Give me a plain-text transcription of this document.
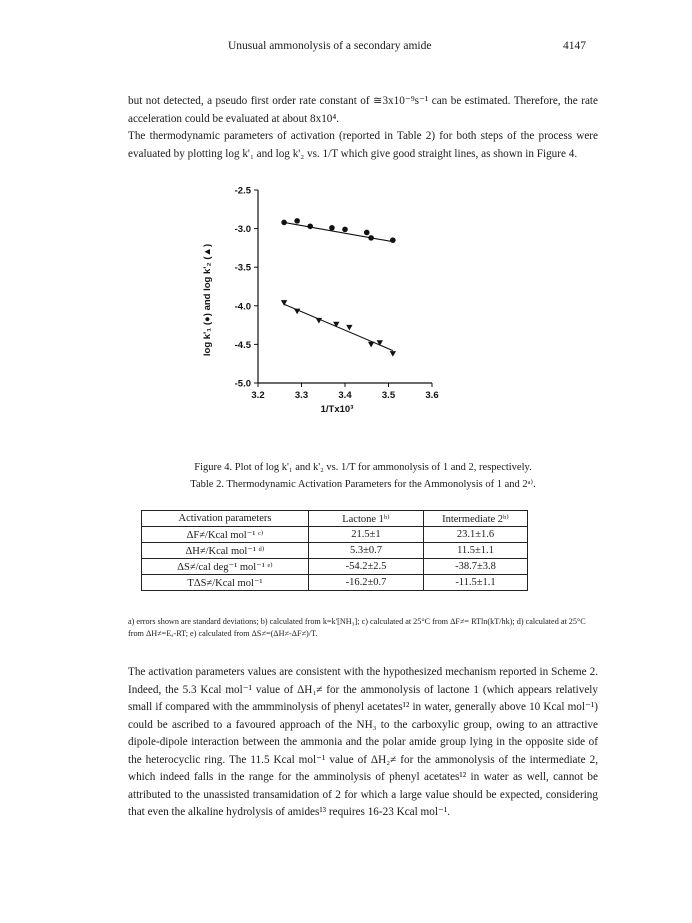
Unusual ammonolysis of a secondary amide	4147

but not detected, a pseudo first order rate constant of ≅3x10⁻⁹s⁻¹ can be estimated. Therefore, the rate acceleration could be evaluated at about 8x10⁴.

The thermodynamic parameters of activation (reported in Table 2) for both steps of the process were evaluated by plotting log k'₁ and log k'₂ vs. 1/T which give good straight lines, as shown in Figure 4.

-2.5
-3.0
-3.5
-4.0
-4.5
-5.0
3.2	3.3	3.4	3.5	3.6
log k'₁ (●) and log k'₂ (▲)
1/Tx10³
Figure 4. Plot of log k'₁ and k'₂ vs. 1/T for ammonolysis of 1 and 2, respectively.
Table 2. Thermodynamic Activation Parameters for the Ammonolysis of 1 and 2ᵃ⁾.
Activation parameters	Lactone 1ᵇ⁾	Intermediate 2ᵇ⁾
ΔF≠/Kcal mol⁻¹ ᶜ⁾	21.5±1	23.1±1.6
ΔH≠/Kcal mol⁻¹ ᵈ⁾	5.3±0.7	11.5±1.1
ΔS≠/cal deg⁻¹ mol⁻¹ ᵉ⁾	-54.2±2.5	-38.7±3.8
TΔS≠/Kcal mol⁻¹	-16.2±0.7	-11.5±1.1
a) errors shown are standard deviations; b) calculated from k=k'[NH₃]; c) calculated at 25°C from ΔF≠= RTln(kT/hk); d) calculated at 25°C from ΔH≠=Eₐ-RT; e) calculated from ΔS≠=(ΔH≠-ΔF≠)/T.
The activation parameters values are consistent with the hypothesized mechanism reported in Scheme 2. Indeed, the 5.3 Kcal mol⁻¹ value of ΔH₁≠ for the ammonolysis of lactone 1 (which appears relatively small if compared with the ammminolysis of phenyl acetates¹² in water, generally above 10 Kcal mol⁻¹) could be ascribed to a favoured approach of the NH₃ to the carboxylic group, owing to an attractive dipole-dipole interaction between the ammonia and the polar amide group lying in the opposite side of the heterocyclic ring. The 11.5 Kcal mol⁻¹ value of ΔH₂≠ for the ammonolysis of the intermediate 2, which indeed falls in the range for the amminolysis of phenyl acetates¹² in water as well, cannot be attributed to the unassisted transamidation of 2 for which a large value should be expected, considering that even the alkaline hydrolysis of amides¹³ requires 16-23 Kcal mol⁻¹.
